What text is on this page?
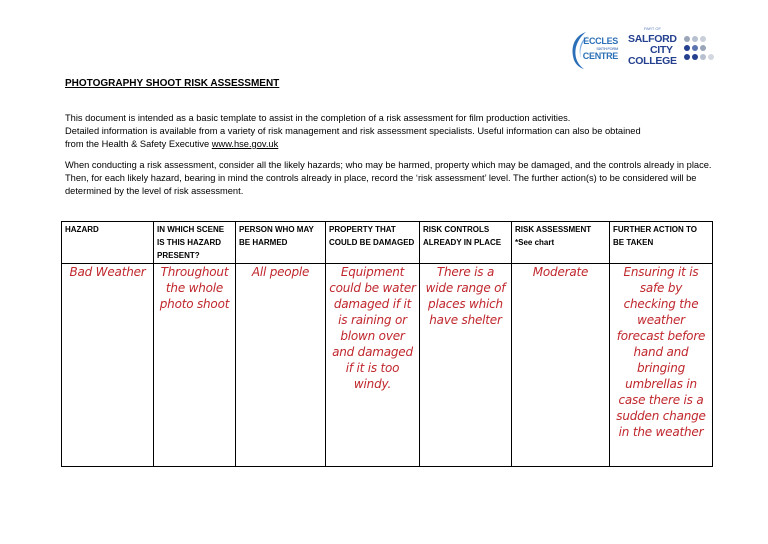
ECCLES
SIXTH FORM
CENTRE
PART OF
SALFORD
CITY
COLLEGE
PHOTOGRAPHY SHOOT RISK ASSESSMENT

This document is intended as a basic template to assist in the completion of a risk assessment for film production activities.
Detailed information is available from a variety of risk management and risk assessment specialists. Useful information can also be obtained
from the Health & Safety Executive www.hse.gov.uk

When conducting a risk assessment, consider all the likely hazards; who may be harmed, property which may be damaged, and the controls already in place. Then, for each likely hazard, bearing in mind the controls already in place, record the ‘risk assessment’ level. The further action(s) to be considered will be determined by the level of risk assessment.

HAZARD	IN WHICH SCENE IS THIS HAZARD PRESENT?	PERSON WHO MAY BE HARMED	PROPERTY THAT COULD BE DAMAGED	RISK CONTROLS ALREADY IN PLACE	RISK ASSESSMENT *See chart	FURTHER ACTION TO BE TAKEN
Bad Weather	Throughout the whole photo shoot	All people	Equipment could be water damaged if it is raining or blown over and damaged if it is too windy.	There is a wide range of places which have shelter	Moderate	Ensuring it is safe by checking the weather forecast before hand and bringing umbrellas in case there is a sudden change in the weather
